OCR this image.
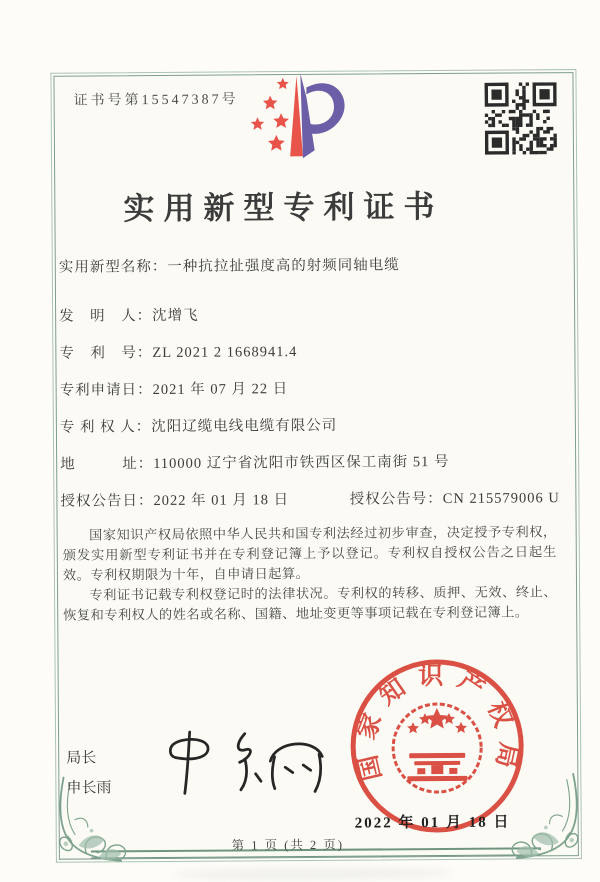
证书号第15547387号
实用新型专利证书
实用新型名称：一种抗拉扯强度高的射频同轴电缆
发　明　人：沈增飞
专　利　号：ZL 2021 2 1668941.4
专利申请日：2021 年 07 月 22 日
专 利 权 人：沈阳辽缆电线电缆有限公司
地　　　址：110000 辽宁省沈阳市铁西区保工南街 51 号
授权公告日：2022 年 01 月 18 日	授权公告号：CN 215579006 U

国家知识产权局依照中华人民共和国专利法经过初步审查，决定授予专利权，颁发实用新型专利证书并在专利登记簿上予以登记。专利权自授权公告之日起生效。专利权期限为十年，自申请日起算。

专利证书记载专利权登记时的法律状况。专利权的转移、质押、无效、终止、恢复和专利权人的姓名或名称、国籍、地址变更等事项记载在专利登记簿上。

局长
申长雨
国家知识产权局
2022 年 01 月 18 日
第 1 页 (共 2 页)
